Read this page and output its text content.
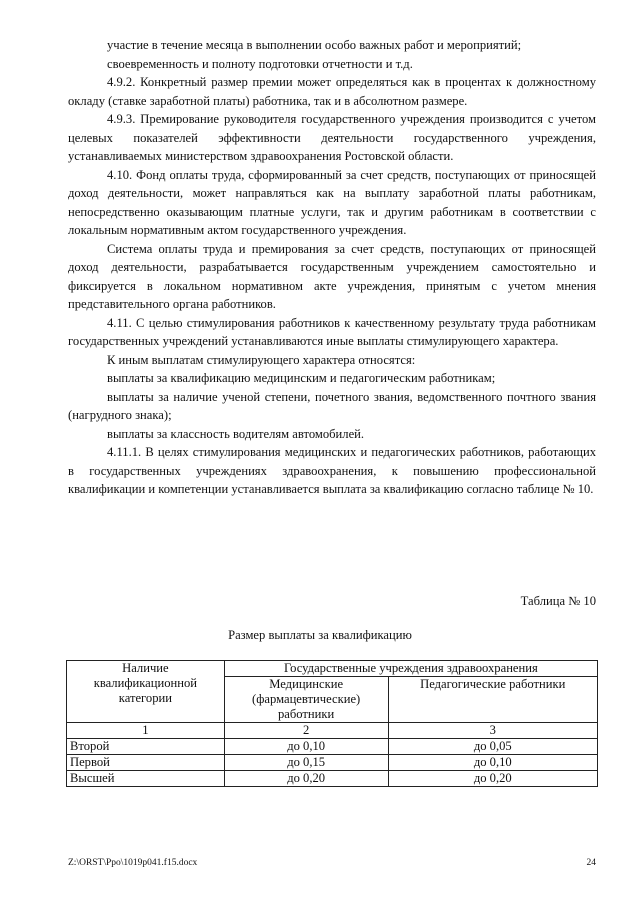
участие в течение месяца в выполнении особо важных работ и мероприятий;

своевременность и полноту подготовки отчетности и т.д.

4.9.2. Конкретный размер премии может определяться как в процентах к должностному окладу (ставке заработной платы) работника, так и в абсолютном размере.

4.9.3. Премирование руководителя государственного учреждения производится с учетом целевых показателей эффективности деятельности государственного учреждения, устанавливаемых министерством здравоохранения Ростовской области.

4.10. Фонд оплаты труда, сформированный за счет средств, поступающих от приносящей доход деятельности, может направляться как на выплату заработной платы работникам, непосредственно оказывающим платные услуги, так и другим работникам в соответствии с локальным нормативным актом государственного учреждения.

Система оплаты труда и премирования за счет средств, поступающих от приносящей доход деятельности, разрабатывается государственным учреждением самостоятельно и фиксируется в локальном нормативном акте учреждения, принятым с учетом мнения представительного органа работников.

4.11. С целью стимулирования работников к качественному результату труда работникам государственных учреждений устанавливаются иные выплаты стимулирующего характера.

К иным выплатам стимулирующего характера относятся:

выплаты за квалификацию медицинским и педагогическим работникам;

выплаты за наличие ученой степени, почетного звания, ведомственного почтного звания (нагрудного знака);

выплаты за классность водителям автомобилей.

4.11.1. В целях стимулирования медицинских и педагогических работников, работающих в государственных учреждениях здравоохранения, к повышению профессиональной квалификации и компетенции устанавливается выплата за квалификацию согласно таблице № 10.

Таблица № 10
Размер выплаты за квалификацию
Наличие квалификационной категории	Государственные учреждения здравоохранения	
	Медицинские (фармацевтические) работники	Педагогические работники
1	2	3
Второй	до 0,10	до 0,05
Первой	до 0,15	до 0,10
Высшей	до 0,20	до 0,20
Z:\ORST\Ppo\1019p041.f15.docx	24
